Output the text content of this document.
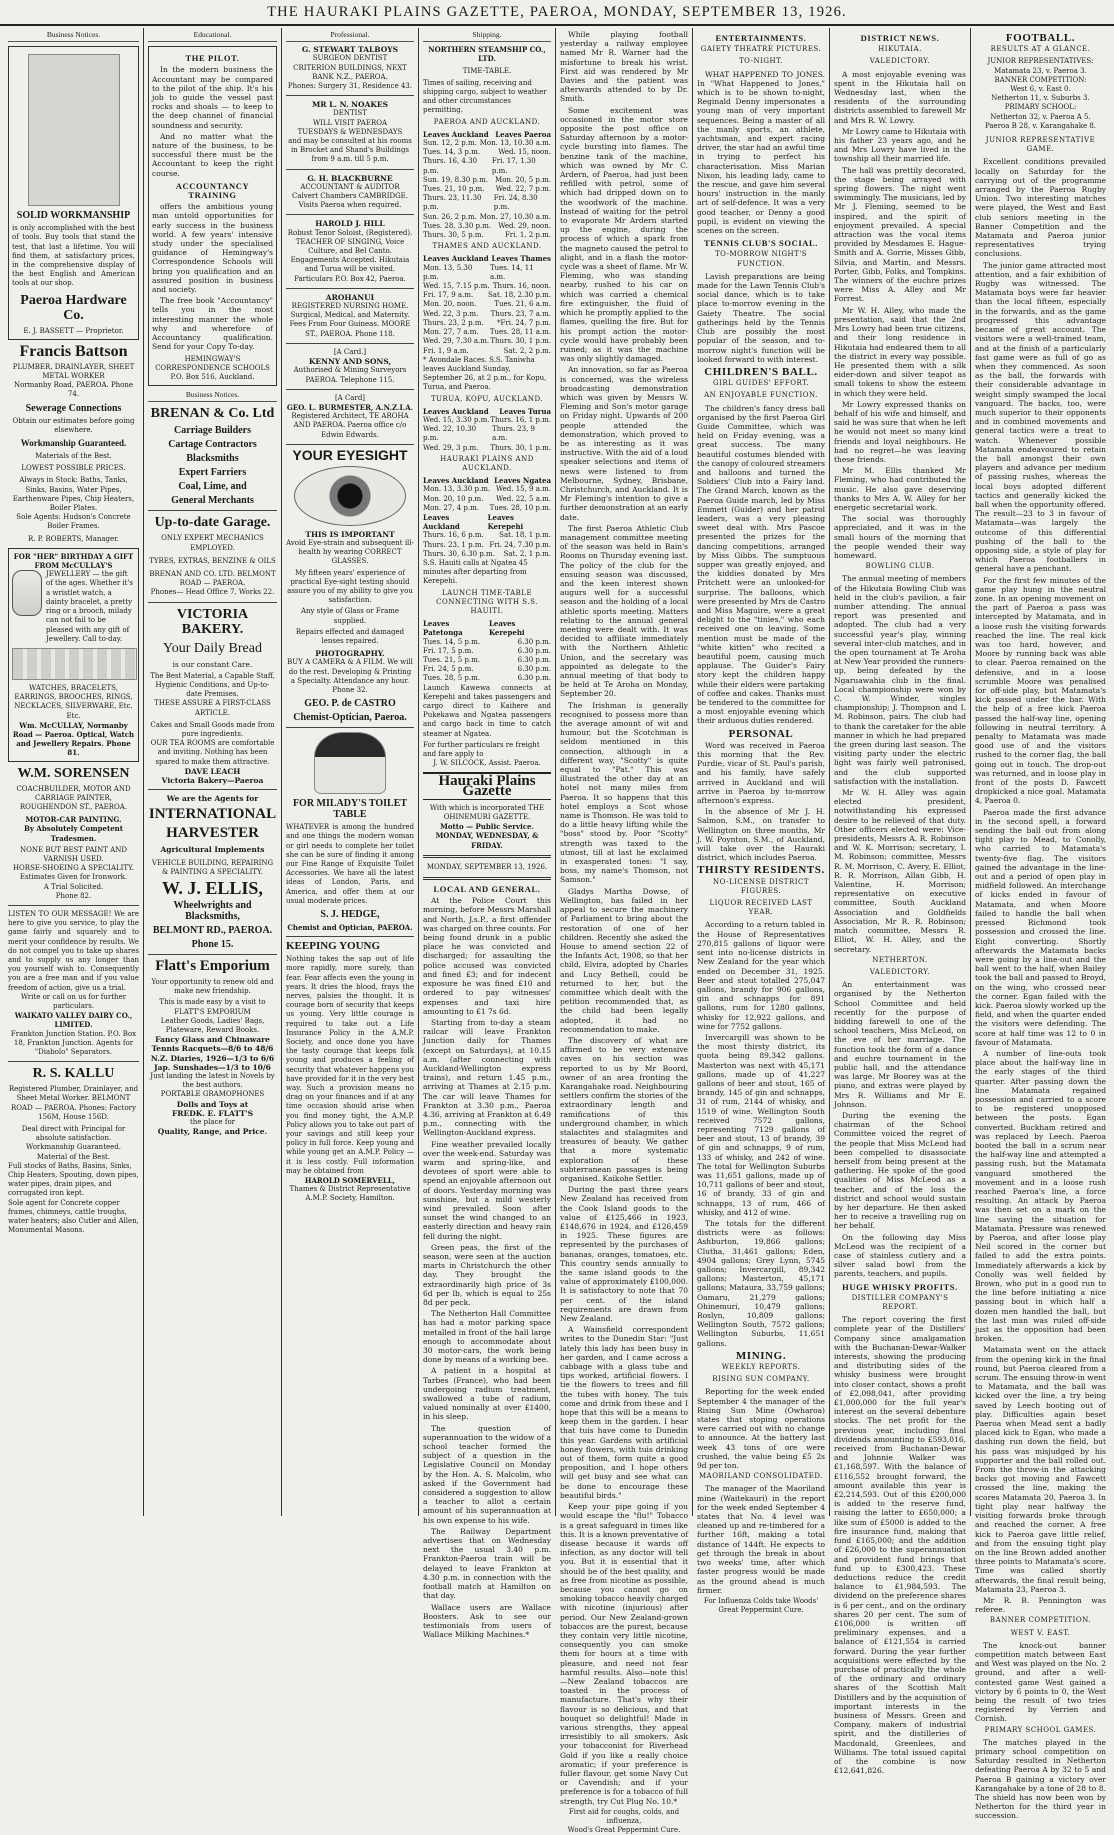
THE HAURAKI PLAINS GAZETTE, PAEROA, MONDAY, SEPTEMBER 13, 1926.
Business Notices.
SOLID WORKMANSHIP
is only accomplished with the best of tools. Buy tools that stand the test, that last a lifetime. You will find them, at satisfactory prices, in the comprehensive display of the best English and American tools at our shop.
Paeroa Hardware Co.
E. J. BASSETT — Proprietor.
Francis Battson
PLUMBER, DRAINLAYER, SHEET METAL WORKER
Normanby Road, PAEROA. Phone 74.
Sewerage Connections
Obtain our estimates before going elsewhere.
Workmanship Guaranteed.
Materials of the Best.
LOWEST POSSIBLE PRICES.
Always in Stock: Baths, Tanks, Sinks, Basins, Water Pipes, Earthenware Pipes, Chip Heaters, Boiler Plates.
Sole Agents: Hudson's Concrete Boiler Frames.
R. P. ROBERTS, Manager.
FOR "HER" BIRTHDAY A GIFT FROM McCULLAY'S
JEWELLERY — the gift of the ages. Whether it's a wristlet watch, a dainty bracelet, a pretty ring or a brooch, milady can not fail to be pleased with any gift of Jewellery. Call to-day.
WATCHES, BRACELETS, EARRINGS, BROOCHES, RINGS, NECKLACES, SILVERWARE, Etc. Etc.
Wm. McCULLAY, Normanby Road — Paeroa. Optical, Watch and Jewellery Repairs. Phone 81.
W.M. SORENSEN
COACHBUILDER, MOTOR AND CARRIAGE PAINTER, ROUGHENDON ST., PAEROA.
MOTOR-CAR PAINTING.
By Absolutely Competent Tradesmen.
NONE BUT BEST PAINT AND VARNISH USED.
HORSE-SHOEING A SPECIALITY.
Estimates Given for Ironwork.
A Trial Solicited.
Phone 82.
LISTEN TO OUR MESSAGE! We are here to give you service, to play the game fairly and squarely and to merit your confidence by results. We do not compel you to take up shares and to supply us any longer than you yourself wish to. Consequently you are a free man and if you value freedom of action, give us a trial.
Write or call on us for further particulars.
WAIKATO VALLEY DAIRY CO., LIMITED.
Frankton Junction Station. P.O. Box 18, Frankton Junction. Agents for "Diabolo" Separators.
R. S. KALLU
Registered Plumber, Drainlayer, and Sheet Metal Worker. BELMONT ROAD — PAEROA. Phones: Factory 156M, House 156D.
Deal direct with Principal for absolute satisfaction.
Workmanship Guaranteed.
Material of the Best.
Full stocks of Baths, Basins, Sinks, Chip Heaters, Spouting, down pipes, water pipes, drain pipes, and corrugated iron kept.
Sole agent for Concrete copper frames, chimneys, cattle troughs, water heaters; also Cutler and Allen, Monumental Masons.
Educational.
THE PILOT.
In the modern business the Accountant may be compared to the pilot of the ship. It's his job to guide the vessel past rocks and shoals — to keep to the deep channel of financial soundness and security.
And no matter what the nature of the business, to be successful there must be the Accountant to keep the right course.
ACCOUNTANCY TRAINING
offers the ambitious young man untold opportunities for early success in the business world. A few years' intensive study under the specialised guidance of Hemingway's Correspondence Schools will bring you qualification and an assured position in business and society.
The free book "Accountancy" tells you in the most interesting manner the whole why and wherefore of Accountancy qualification. Send for your Copy To-day.
HEMINGWAY'S CORRESPONDENCE SCHOOLS
P.O. Box 516, Auckland.
Business Notices.
BRENAN & Co. Ltd
Carriage Builders
Cartage Contractors
Blacksmiths
Expert Farriers
Coal, Lime, and
General Merchants
Up-to-date Garage.
ONLY EXPERT MECHANICS EMPLOYED.
TYRES, EXTRAS, BENZINE & OILS
BRENAN AND CO. LTD. BELMONT ROAD — PAEROA.
Phones— Head Office 7, Works 22.
VICTORIA BAKERY.
Your Daily Bread
is our constant Care.
The Best Material, a Capable Staff, Hygienic Conditions, and Up-to-date Premises.
THESE ASSURE A FIRST-CLASS ARTICLE.
Cakes and Small Goods made from pure ingredients.
OUR TEA ROOMS are comfortable and inviting. Nothing has been spared to make them attractive.
DAVE LEACH
Victoria Bakery—Paeroa
We are the Agents for
INTERNATIONAL
HARVESTER
Agricultural Implements
VEHICLE BUILDING, REPAIRING & PAINTING A SPECIALITY.
W. J. ELLIS,
Wheelwrights and Blacksmiths,
BELMONT RD., PAEROA.
Phone 15.
Flatt's Emporium
Your opportunity to renew old and make new friendship.
This is made easy by a visit to FLATT'S EMPORIUM
Leather Goods, Ladies' Bags, Plateware, Reward Books.
Fancy Glass and Chinaware
Tennis Racquets—8/6 to 48/6
N.Z. Diaries, 1926—1/3 to 6/6
Jap. Sunshades—1/3 to 10/6
Just landing the latest in Novels by the best authors.
PORTABLE GRAMOPHONES
Dolls and Toys at
FREDK. E. FLATT'S
the place for
Quality, Range, and Price.
Professional.
G. STEWART TALBOYS
SURGEON DENTIST
CRITERION BUILDINGS, NEXT BANK N.Z., PAEROA.
Phones: Surgery 31, Residence 43.
MR L. N. NOAKES
DENTIST
WILL VISIT PAEROA
TUESDAYS & WEDNESDAYS
and may be consulted at his rooms in Brocket and Shand's Buildings from 9 a.m. till 5 p.m.
G. H. BLACKBURNE
ACCOUNTANT & AUDITOR
Calvert Chambers CAMBRIDGE. Visits Paeroa when required.
HAROLD J. HILL
Robust Tenor Soloist, (Registered). TEACHER OF SINGING, Voice Culture, and Bel Canto. Engagements Accepted. Hikutaia and Turua will be visited. Particulars P.O. Box 42, Paeroa.
AROHANUI
REGISTERED NURSING HOME. Surgical, Medical, and Maternity. Fees From Four Guineas. MOORE ST., PAEROA. Phone 118.
[A Card.]
KENNY AND SONS,
Authorised & Mining Surveyors PAEROA. Telephone 115.
[A Card]
GEO. L. BURMESTER, A.N.Z.I.A.
Registered Architect, TE AROHA AND PAEROA. Paeroa office c/o Edwin Edwards.
YOUR EYESIGHT
THIS IS IMPORTANT
Avoid Eye-strain and subsequent ill-health by wearing CORRECT GLASSES.
My fifteen years' experience of practical Eye-sight testing should assure you of my ability to give you satisfaction.
Any style of Glass or Frame supplied.
Repairs effected and damaged lenses repaired.
PHOTOGRAPHY.
BUY A CAMERA & A FILM. We will do the rest. Developing & Printing a Specialty. Attendance any hour. Phone 32.
GEO. P. de CASTRO
Chemist-Optician, Paeroa.
FOR MILADY'S TOILET TABLE
WHATEVER is among the hundred and one things the modern woman or girl needs to complete her toilet she can be sure of finding it among our Fine Range of Exquisite Toilet Accessories. We have all the latest ideas of London, Paris, and America, and offer them at our usual moderate prices.
S. J. HEDGE,
Chemist and Optician, PAEROA.
KEEPING YOUNG
Nothing takes the sap out of life more rapidly, more surely, than fear. Fear affects even the young in years. It dries the blood, frays the nerves, palsies the thought. It is courage born of security that keeps us young. Very little courage is required to take out a Life Insurance Policy in the A.M.P. Society, and once done you have the tasty courage that keeps folk young and produces a feeling of security that whatever happens you have provided for it in the very best way. Such a provision means no drag on your finances and if at any time occasion should arise when you find money tight, the A.M.P. Policy allows you to take out part of your savings and still keep your policy in full force. Keep young and while young get an A.M.P. Policy — it is less costly. Full information may be obtained from
HAROLD SOMERVELL,
Thames & District Representative A.M.P. Society, Hamilton.
Shipping.
NORTHERN STEAMSHIP CO., LTD.
TIME-TABLE.
Times of sailing, receiving and shipping cargo, subject to weather and other circumstances permitting.
PAEROA AND AUCKLAND.
Leaves Auckland Leaves Paeroa
Sun. 12, 2 p.m. Mon. 13, 10.30 a.m.
Tues. 14, 3 p.m.	Wed. 15, noon.
Thurs. 16, 4.30 p.m.
Fri. 17, 1.30 p.m.
Sun. 19, 8.30 p.m. Mon. 20, 5 p.m.
Tues. 21, 10 p.m. Wed. 22, 7 p.m.
Thurs. 23, 11.30 p.m.
Fri. 24, 8.30 p.m.
Sun. 26, 2 p.m. Mon. 27, 10.30 a.m.
Tues. 28, 3.30 p.m. Wed. 29, noon.
Thurs. 30, 5 p.m.	Fri. 1, 2 p.m.
THAMES AND AUCKLAND.
Leaves Auckland Leaves Thames
Mon. 13, 5.30 p.m.
Tues. 14, 11 a.m.
Wed. 15, 7.15 p.m. Thurs. 16, noon.
Fri. 17, 9 a.m. Sat. 18, 2.30 p.m.
Mon. 20, noon.	Tues. 21, 6 a.m.
Wed. 22, 3 p.m. Thurs. 23, 7 a.m.
Thurs. 23, 2 p.m. *Fri. 24, 7 p.m.
Mon. 27, 7 a.m. Tues. 28, 11 a.m.
Wed. 29, 7.30 a.m. Thurs. 30, 1 p.m.
Fri. 1, 9 a.m.	Sat. 2, 2 p.m.
* Avondale Races. S.S. Taniwha leaves Auckland Sunday, September 26, at 2 p.m., for Kopu, Turua, and Paeroa.
TURUA, KOPU, AUCKLAND.
Leaves Auckland Leaves Turua
Wed. 15, 3.30 p.m. Thurs. 16, 1 p.m.
Wed. 22, 10.30 p.m.
Thurs. 23, 9 a.m.
Wed. 29, 3 p.m. Thurs. 30, 1 p.m.
HAURAKI PLAINS AND AUCKLAND.
Leaves Auckland Leaves Ngatea
Mon. 13, 3.30 p.m. Wed. 15, 9 a.m.
Mon. 20, 10 p.m. Wed. 22, 5 a.m.
Mon. 27, 4 p.m. Tues. 28, 10 p.m.
Leaves Auckland
Leaves Kerepehi
Thurs. 16, 6 p.m. Sat. 18, 1 p.m.
Thurs. 23, 1 p.m. Fri. 24, 7.30 p.m.
Thurs. 30, 6.30 p.m. Sat. 2, 1 p.m.
S.S. Hauiti calls at Ngatea 45 minutes after departing from Kerepehi.
LAUNCH TIME-TABLE CONNECTING WITH S.S. HAUITI.
Leaves Patetonga
Leaves Kerepehi
Tues. 14, 5 p.m.	6.30 p.m.
Fri. 17, 5 p.m.	6.30 p.m.
Tues. 21, 5 p.m.	6.30 p.m.
Fri. 24, 5 p.m.	6.30 p.m.
Tues. 28, 5 p.m.	6.30 p.m.
Launch Kawewa connects at Kerepehi and takes passengers and cargo direct to Kaihere and Pukekawa and Ngatea passengers and cargo back in time to catch steamer at Ngatea.
For further particulars re freight and fare apply to
J. W. SILCOCK, Assist. Paeroa.
Hauraki Plains Gazette
With which is incorporated THE OHINEMURI GAZETTE.
Motto — Public Service.
MONDAY, WEDNESDAY, & FRIDAY.
MONDAY, SEPTEMBER 13, 1926.
LOCAL AND GENERAL.
At the Police Court this morning, before Messrs Marshall and North, J.s.P., a first offender was charged on three counts. For being found drunk in a public place he was convicted and discharged; for assaulting the police accused was convicted and fined £3; and for indecent exposure he was fined £10 and ordered to pay witnesses' expenses and taxi hire amounting to £1 7s 6d.
Starting from to-day a steam railcar will leave Frankton Junction daily for Thames (except on Saturdays), at 10.15 a.m. (after connecting with Auckland-Wellington express trains), and return 1.45 p.m., arriving at Thames at 2.15 p.m. The car will leave Thames for Frankton at 3.30 p.m., Paeroa 4.36, arriving at Frankton at 6.49 p.m., connecting with the Wellington-Auckland express.
Fine weather prevailed locally over the week-end. Saturday was warm and spring-like, and devotees of sport were able to spend an enjoyable afternoon out of doors. Yesterday morning was sunshine, but a mild westerly wind prevailed. Soon after sunset the wind changed to an easterly direction and heavy rain fell during the night.
Green peas, the first of the season, were seen at the auction marts in Christchurch the other day. They brought the extraordinarily high price of 3s 6d per lb, which is equal to 25s 8d per peck.
The Netherton Hall Committee has had a motor parking space metalled in front of the hall large enough to accommodate about 30 motor-cars, the work being done by means of a working bee.
A patient in a hospital at Tarbes (France), who had been undergoing radium treatment, swallowed a tube of radium, valued nominally at over £1400, in his sleep.
The question of superannuation to the widow of a school teacher formed the subject of a question in the Legislative Council on Monday by the Hon. A. S. Malcolm, who asked if the Government had considered a suggestion to allow a teacher to allot a certain amount of his superannuation at his own expense to his wife.
The Railway Department advertises that on Wednesday next the usual 3.40 p.m. Frankton-Paeroa train will be delayed to leave Frankton at 4.30 p.m. in connection with the football match at Hamilton on that day.
Wallace users are Wallace Boosters. Ask to see our testimonials from users of Wallace Milking Machines.*
While playing football yesterday a railway employee named Mr R. Warner had the misfortune to break his wrist. First aid was rendered by Mr Davies and the patient was afterwards attended to by Dr. Smith.
Some excitement was occasioned in the motor store opposite the post office on Saturday afternoon by a motor-cycle bursting into flames. The benzine tank of the machine, which was owned by Mr C. Ardern, of Paeroa, had just been refilled with petrol, some of which had dripped down on to the woodwork of the machine. Instead of waiting for the petrol to evaporate Mr Ardern started up the engine, during the process of which a spark from the magneto caused the petrol to alight, and in a flash the motor-cycle was a sheet of flame. Mr W. Fleming, who was standing nearby, rushed to his car on which was carried a chemical fire extinguisher, the fluid of which he promptly applied to the flames, quelling the fire. But for his prompt action the motor-cycle would have probably been ruined; as it was the machine was only slightly damaged.
An innovation, so far as Paeroa is concerned, was the wireless broadcasting demonstration which was given by Messrs W. Fleming and Son's motor garage on Friday night. Upwards of 200 people attended the demonstration, which proved to be as interesting as it was instructive. With the aid of a loud speaker selections and items of news were listened to from Melbourne, Sydney, Brisbane, Christchurch, and Auckland. It is Mr Fleming's intention to give a further demonstration at an early date.
The first Paeroa Athletic Club management committee meeting of the season was held in Bain's Rooms on Thursday evening last. The policy of the club for the ensuing season was discussed, and the keen interest shown augurs well for a successful season and the holding of a local athletic sports meeting. Matters relating to the annual general meeting were dealt with. It was decided to affiliate immediately with the Northern Athletic Union, and the secretary was appointed as delegate to the annual meeting of that body to be held at Te Aroha on Monday, September 20.
The Irishman is generally recognised to possess more than the average amount of wit and humour, but the Scotchman is seldom mentioned in this connection, although in a different way, "Scotty" is quite equal to "Pat." This was illustrated the other day at an hotel not many miles from Paeroa. It so happens that this hotel employs a Scot whose name is Thomson. He was told to do a little heavy lifting while the "boss" stood by. Poor "Scotty" strength was taxed to the utmost, till at last he exclaimed in exasperated tones: "I say, boss, my name's Thomson, not Samson."
Gladys Martha Dowse, of Wellington, has failed in her appeal to secure the machinery of Parliament to bring about the restoration of one of her children. Recently she asked the House to amend section 22 of the Infants Act, 1908, so that her child, Elvira, adopted by Charles and Lucy Bethell, could be returned to her, but the committee which dealt with the petition recommended that, as the child had been legally adopted, it had no recommendation to make.
The discovery of what are affirmed to be very extensive caves on his section was reported to us by Mr Boord, owner of an area fronting the Karangahake road. Neighbouring settlers confirm the stories of the extraordinary length and ramifications of this underground chamber, in which stalactites and stalagmites and treasures of beauty. We gather that a more systematic exploration of these subterranean passages is being organised. Kaikohe Settler.
During the past three years New Zealand has received from the Cook Island goods to the value of £125,466 in 1923, £148,676 in 1924, and £126,459 in 1925. These figures are represented by the purchases of bananas, oranges, tomatoes, etc. This country sends annually to the same island goods to the value of approximately £100,000. It is satisfactory to note that 70 per cent. of the island requirements are drawn from New Zealand.
A Wainsfield correspondent writes to the Dunedin Star: "Just lately this lady has been busy in her garden, and I came across a cabbage with a glass tube and tips worked, artificial flowers. I tie the flowers to trees and fill the tubes with honey. The tuis come and drink from these and I hope that this will be a means to keep them in the garden. I hear that tuis have come to Dunedin this year. Gardens with artificial honey flowers, with tuis drinking out of them, form quite a good proposition, and I hope others will get busy and see what can be done to encourage these beautiful birds."
Keep your pipe going if you would escape the "flu!" Tobacco is a great safeguard in times like this. It is a known preventative of disease because it wards off infection, as any doctor will tell you. But it is essential that it should be of the best quality, and as free from nicotine as possible, because you cannot go on smoking tobacco heavily charged with nicotine (injurious) after period. Our New Zealand-grown tobaccos are the purest, because they contain very little nicotine, consequently you can smoke them for hours at a time with pleasure, and need not fear harmful results. Also—note this!—New Zealand tobaccos are toasted in the process of manufacture. That's why their flavour is so delicious, and that bouquet so delightful! Made in various strengths, they appeal irresistibly to all smokers. Ask your tobacconist for Riverhead Gold if you like a really choice aromatic; if your preference is fuller flavour, get some Navy Cut or Cavendish; and if your preference is for a tobacco of full strength, try Cut Plug No. 10.*
First aid for coughs, colds, and influenza,
Wood's Great Peppermint Cure.
ENTERTAINMENTS.
GAIETY THEATRE PICTURES.
TO-NIGHT.
WHAT HAPPENED TO JONES. In "What Happened to Jones," which is to be shown to-night, Reginald Denny impersonates a young man of very important sequences. Being a master of all the manly sports, an athlete, yachtsman, and expert racing driver, the star had an awful time in trying to perfect his characterisation. Miss Marian Nixon, his leading lady, came to the rescue, and gave him several hours' instruction in the manly art of self-defence. It was a very good teacher, or Denny a good pupil, is evident on viewing the scenes on the screen.
TENNIS CLUB'S SOCIAL.
TO-MORROW NIGHT'S FUNCTION.
Lavish preparations are being made for the Lawn Tennis Club's social dance, which is to take place to-morrow evening in the Gaiety Theatre. The social gatherings held by the Tennis Club are possibly the most popular of the season, and to-morrow night's function will be looked forward to with interest.
CHILDREN'S BALL.
GIRL GUIDES' EFFORT.
AN ENJOYABLE FUNCTION.
The children's fancy dress ball organised by the first Paeroa Girl Guide Committee, which was held on Friday evening, was a great success. The many beautiful costumes blended with the canopy of coloured streamers and balloons and turned the Soldiers' Club into a Fairy land. The Grand March, known as the Paeroa Guide march, led by Miss Emmett (Guider) and her patrol leaders, was a very pleasing sweet deal with. Mrs Pascoe presented the prizes for the dancing competitions, arranged by Miss Gibbs. The sumptuous supper was greatly enjoyed, and the kiddies donated by Mrs Pritchett were an unlooked-for surprise. The balloons, which were presented by Mrs de Castro and Miss Maguire, were a great delight to the "tinies," who each received one on leaving. Some mention must be made of the "white kitten" who recited a beautiful poem, causing much applause. The Guider's Fairy story kept the children happy while their elders were partaking of coffee and cakes. Thanks must be tendered to the committee for a most enjoyable evening which their arduous duties rendered.
PERSONAL
Word was received in Paeroa this morning that the Rev. Purdie, vicar of St. Paul's parish, and his family, have safely arrived in Auckland and will arrive in Paeroa by to-morrow afternoon's express.
In the absence of Mr J. H. Salmon, S.M., on transfer to Wellington on three months, Mr J. W. Poynton, S.M., of Auckland, will take over the Hauraki district, which includes Paeroa.
THIRSTY RESIDENTS.
NO-LICENSE DISTRICT FIGURES.
LIQUOR RECEIVED LAST YEAR.
According to a return tabled in the House of Representatives 270,815 gallons of liquor were sent into no-license districts in New Zealand for the year which ended on December 31, 1925. Beer and stout totalled 275,047 gallons, brandy for 906 gallons, gin and schnapps for 891 gallons, rum for 1280 gallons, whisky for 12,922 gallons, and wine for 7752 gallons.
Invercargill was shown to be the most thirsty district, its quota being 89,342 gallons. Masterton was next with 45,171 gallons, made up of 41,227 gallons of beer and stout, 165 of brandy, 145 of gin and schnapps, 31 of rum, 2144 of whisky, and 1519 of wine. Wellington South received 7572 gallons, representing 7129 gallons of beer and stout, 13 of brandy, 39 of gin and schnapps, 9 of rum, 133 of whisky, and 242 of wine. The total for Wellington Suburbs was 11,651 gallons, made up of 10,711 gallons of beer and stout, 16 of brandy, 33 of gin and schnapps, 13 of rum, 466 of whisky, and 412 of wine.
The totals for the different districts were as follows: Ashburton, 19,866 gallons; Clutha, 31,461 gallons; Eden, 4904 gallons; Grey Lynn, 5745 gallons; Invercargill, 89,342 gallons; Masterton, 45,171 gallons; Mataura, 33,759 gallons; Oamaru, 21,279 gallons; Ohinemuri, 10,479 gallons; Roslyn, 10,809 gallons; Wellington South, 7572 gallons; Wellington Suburbs, 11,651 gallons.
MINING.
WEEKLY REPORTS.
RISING SUN COMPANY.
Reporting for the week ended September 4 the manager of the Rising Sun Mine (Owharoa) states that stoping operations were carried out with no change to announce. At the battery last week 43 tons of ore were crushed, the value being £5 2s 9d per ton.
MAORILAND CONSOLIDATED.
The manager of the Maoriland mine (Waitekauri) in the report for the week ended September 4 states that No. 4 level was cleaned up and re-timbered for a further 16ft, making a total distance of 144ft. He expects to get through the break in about two weeks' time, after which faster progress would be made as the ground ahead is much firmer.
For Influenza Colds take Woods' Great Peppermint Cure.
DISTRICT NEWS.
HIKUTAIA.
VALEDICTORY.
A most enjoyable evening was spent in the Hikutaia hall on Wednesday last, when the residents of the surrounding districts assembled to farewell Mr and Mrs R. W. Lowry.
Mr Lowry came to Hikutaia with his father 23 years ago, and he and Mrs Lowry have lived in the township all their married life.
The hall was prettily decorated, the stage being arrayed with spring flowers. The night went swimmingly. The musicians, led by Mr J. Fleming, seemed to be inspired, and the spirit of enjoyment prevailed. A special attraction was the vocal items provided by Mesdames E. Hague-Smith and A. Gorrie, Misses Gibb, Silvia, and Martin, and Messrs. Porter, Gibb, Folks, and Tompkins. The winners of the euchre prizes were Miss A. Alley and Mr Forrest.
Mr W. H. Alley, who made the presentation, said that the 2nd Mrs Lowry had been true citizens, and their long residence in Hikutaia had endeared them to all the district in every way possible. He presented them with a silk eider-down and silver teapot as small tokens to show the esteem in which they were held.
Mr Lowry expressed thanks on behalf of his wife and himself, and said he was sure that when he left he would not meet so many kind friends and loyal neighbours. He had no regret—he was leaving these friends.
Mr M. Ellis thanked Mr Fleming, who had contributed the music. He also gave deserving thanks to Mrs A. W. Alley for her energetic secretarial work.
The social was thoroughly appreciated, and it was in the small hours of the morning that the people wended their way homeward.
BOWLING CLUB.
The annual meeting of members of the Hikutaia Bowling Club was held in the club's pavilion, a fair number attending. The annual report was presented and adopted. The club had a very successful year's play, winning several inter-club matches, and in the open tournament at Te Aroha at New Year provided the runners-up, being defeated by the Ngaruawahia club in the final. Local championship were won by C. W. Winder, singles championship; J. Thompson and I. M. Robinson, pairs. The club had to thank the caretaker for the able manner in which he had prepared the green during last season. The visiting party under the electric light was fairly well patronised, and the club supported satisfaction with the installation.
Mr W. H. Alley was again elected president, notwithstanding his expressed desire to be relieved of that duty. Other officers elected were: Vice-presidents, Messrs A. R. Robinson and W. K. Morrison; secretary, I. M. Robinson; committee, Messrs R. M. Morrison, C. Avery, E. Elliot, R. R. Morrison, Allan Gibb, H. Valentine, H. Morrison; representative on executive committee, South Auckland Association and Goldfields Association, Mr R. R. Robinson; match committee, Messrs R. Elliot, W. H. Alley, and the secretary.
NETHERTON.
VALEDICTORY.
An entertainment was organised by the Netherton School Committee and held recently for the purpose of bidding farewell to one of the school teachers, Miss McLeod, on the eve of her marriage. The function took the form of a dance and euchre tournament in the public hall, and the attendance was large. Mr Boorey was at the piano, and extras were played by Mrs R. Williams and Mr E. Johnson.
During the evening the chairman of the School Committee voiced the regret of the people that Miss McLeod had been compelled to disassociate herself from being present at the gathering. He spoke of the good qualities of Miss McLeod as a teacher, and of the loss the district and school would sustain by her departure. He then asked her to receive a travelling rug on her behalf.
On the following day Miss McLeod was the recipient of a case of stainless cutlery and a silver salad bowl from the parents, teachers, and pupils.
HUGE WHISKY PROFITS.
DISTILLER COMPANY'S REPORT.
The report covering the first complete year of the Distillers' Company since amalgamation with the Buchanan-Dewar-Walker interests, showing the producing and distributing sides of the whisky business were brought into closer contact, shows a profit of £2,098,041, after providing £1,000,000 for the full year's interest on the several debenture stocks. The net profit for the previous year, including final dividends amounting to £593,016, received from Buchanan-Dewar and Johnnie Walker was £1,168,597. With the balance of £116,552 brought forward, the amount available this year is £2,214,593. Out of this £200,000 is added to the reserve fund, raising the latter to £650,000; a like sum of £5000 is added to the fire insurance fund, making that fund £165,000; and the addition of £26,000 to the superannuation and provident fund brings that fund up to £300,423. These deductions reduce the credit balance to £1,984,593. The dividend on the preference shares is 6 per cent., and on the ordinary shares 20 per cent. The sum of £106,000 is written off preliminary expenses, and a balance of £121,554 is carried forward. During the year further acquisitions were effected by the purchase of practically the whole of the ordinary and ordinary shares of the Scottish Malt Distillers and by the acquisition of important interests in the business of Messrs. Green and Company, makers of industrial spirit, and the distilleries of Macdonald, Greenlees, and Williams. The total issued capital of the combine is now £12,641,826.
FOOTBALL.
RESULTS AT A GLANCE.
JUNIOR REPRESENTATIVES:
Matamata 23, v. Paeroa 3.
BANNER COMPETITION:
West 6, v. East 0.
Netherton 11, v. Suburbs 3.
PRIMARY SCHOOL:
Netherton 32, v. Paeroa A 5.
Paeroa B 28, v. Karangahake 8.
JUNIOR REPRESENTATIVE GAME.
Excellent conditions prevailed locally on Saturday for the carrying out of the programme arranged by the Paeroa Rugby Union. Two interesting matches were played, the West and East club seniors meeting in the Banner Competition and the Matamata and Paeroa junior representatives trying conclusions.
The junior game attracted most attention, and a fair exhibition of Rugby was witnessed. The Matamata boys were far heavier than the local fifteen, especially in the forwards, and as the game progressed this advantage became of great account. The visitors were a well-trained team, and at the finish of a particularly fast game were as full of go as when they commenced. As soon as the ball, the forwards with their considerable advantage in weight simply swamped the local vanguard. The backs, too, were much superior to their opponents and in combined movements and general tactics were a treat to watch. Whenever possible Matamata endeavoured to retain the ball amongst their own players and advance per medium of passing rushes, whereas the local boys adopted different tactics and generally kicked the ball when the opportunity offered. The result—23 to 3 in favour of Matamata—was largely the outcome of this differential pushing of the ball to the opposing side, a style of play for which Paeroa footballers in general have a penchant.
For the first few minutes of the game play hung in the neutral zone. In an opening movement on the part of Paeroa a pass was intercepted by Matamata, and in a loose rush the visiting forwards reached the line. The real kick was too hard, however, and Moore by running back was able to clear. Paeroa remained on the defensive, and in a loose scrumble Moore was penalised for off-side play, but Matamata's kick passed under the bar. With the help of a free kick Paeroa passed the half-way line, opening following in neutral territory. A penalty to Matamata was made good use of and the visitors rushed to the corner flag, the ball going out in touch. The drop-out was returned, and in loose play in front of the posts D. Fawcett dropkicked a nice goal. Matamata 4, Paeroa 0.
Paeroa made the first advance in the second spell, a forward sending the ball out from along tight play to Mead, to Conolly, who carried to Matamata's twenty-five flag. The visitors gained the advantage in the line-out and a period of open play in midfield followed. An interchange of kicks ended in favour of Matamata, and when Moore failed to handle the ball when pressed Richmond took possession and crossed the line. Eight converting. Shortly afterwards the Matamata backs were going by a line-out and the ball went to the half, when Bailey took the ball and passed to Broyd, on the wing, who crossed near the corner. Egan failed with the kick. Paeroa slowly worked up the field, and when the quarter ended the visitors were defending. The score at half time was 12 to 0 in favour of Matamata.
A number of line-outs took place about the half-way line in the early stages of the third quarter. After passing down the line Matamata regained possession and carried to a score to be registered unopposed between the posts. Egan converted. Buckham retired and was replaced by Leech. Paeroa booted the ball in a scrum near the half-way line and attempted a passing rush, but the Matamata vanguard smothered the movement and in a loose rush reached Paeroa's line, a force resulting. An attack by Paeroa was then set on a mark on the line saving the situation for Matamata. Pressure was renewed by Paeroa, and after loose play Neil scored in the corner but failed to add the extra points. Immediately afterwards a kick by Conolly was well fielded by Brown, who put in a good run to the line before initiating a nice passing bout in which half a dozen men handled the ball, but the last man was ruled off-side just as the opposition had been broken.
Matamata went on the attack from the opening kick in the final round, but Paeroa cleared from a scrum. The ensuing throw-in went to Matamata, and the ball was kicked over the line, a try being saved by Leech booting out of play. Difficulties again beset Paeroa when Mead sent a badly placed kick to Egan, who made a dashing run down the field, but his pass was misjudged by his supporter and the ball rolled out. From the throw-in the attacking backs got moving and Fawcett crossed the line, making the scores Matamata 20, Paeroa 3. In tight play near halfway the visiting forwards broke through and reached the corner. A free kick to Paeroa gave little relief, and from the ensuing tight play on the line Brown added another three points to Matamata's score. Time was called shortly afterwards, the final result being, Matamata 23, Paeroa 3.
Mr R. B. Pennington was referee.
BANNER COMPETITION.
WEST V. EAST.
The knock-out banner competition match between East and West was played on the No. 2 ground, and after a well-contested game West gained a victory by 6 points to 0, the West being the result of two tries registered by Verrien and Cornish.
PRIMARY SCHOOL GAMES.
The matches played in the primary school competition on Saturday resulted in Netherton defeating Paeroa A by 32 to 5 and Paeroa B gaining a victory over Karangahake by a tone of 28 to 8. The shield has now been won by Netherton for the third year in succession.
